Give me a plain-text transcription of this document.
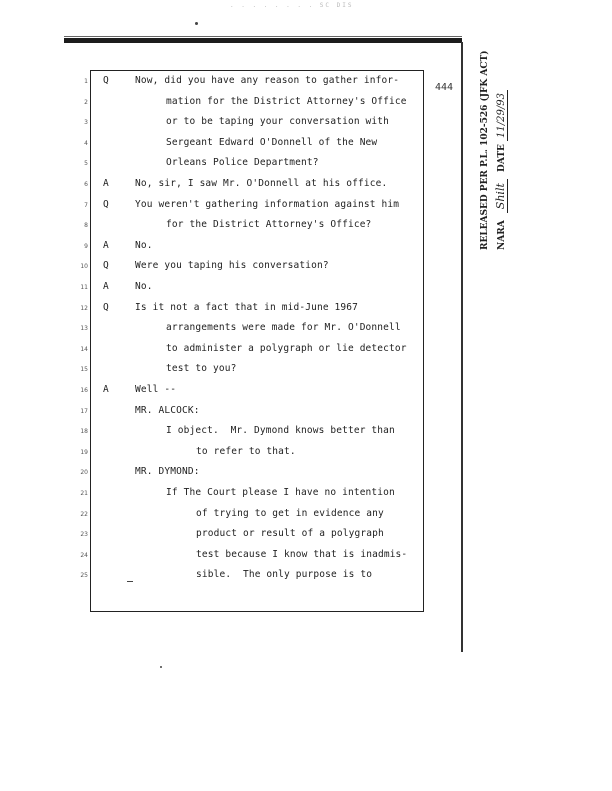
. . . . . . . . SC DIS
444	RELEASED PER P.L. 102-526 (JFK ACT) NARA Shilt DATE 11/29/93
1 Q	Now, did you have any reason to gather infor-
2	mation for the District Attorney's Office
3	or to be taping your conversation with
4	Sergeant Edward O'Donnell of the New
5	Orleans Police Department?
6 A	No, sir, I saw Mr. O'Donnell at his office.
7 Q	You weren't gathering information against him
8	for the District Attorney's Office?
9 A	No.
10 Q	Were you taping his conversation?
11 A	No.
12 Q	Is it not a fact that in mid-June 1967
13	arrangements were made for Mr. O'Donnell
14	to administer a polygraph or lie detector
15	test to you?
16 A	Well --
17	MR. ALCOCK:
18	I object.  Mr. Dymond knows better than
19	to refer to that.
20	MR. DYMOND:
21	If The Court please I have no intention
22	of trying to get in evidence any
23	product or result of a polygraph
24	test because I know that is inadmis-
25	sible.  The only purpose is to
